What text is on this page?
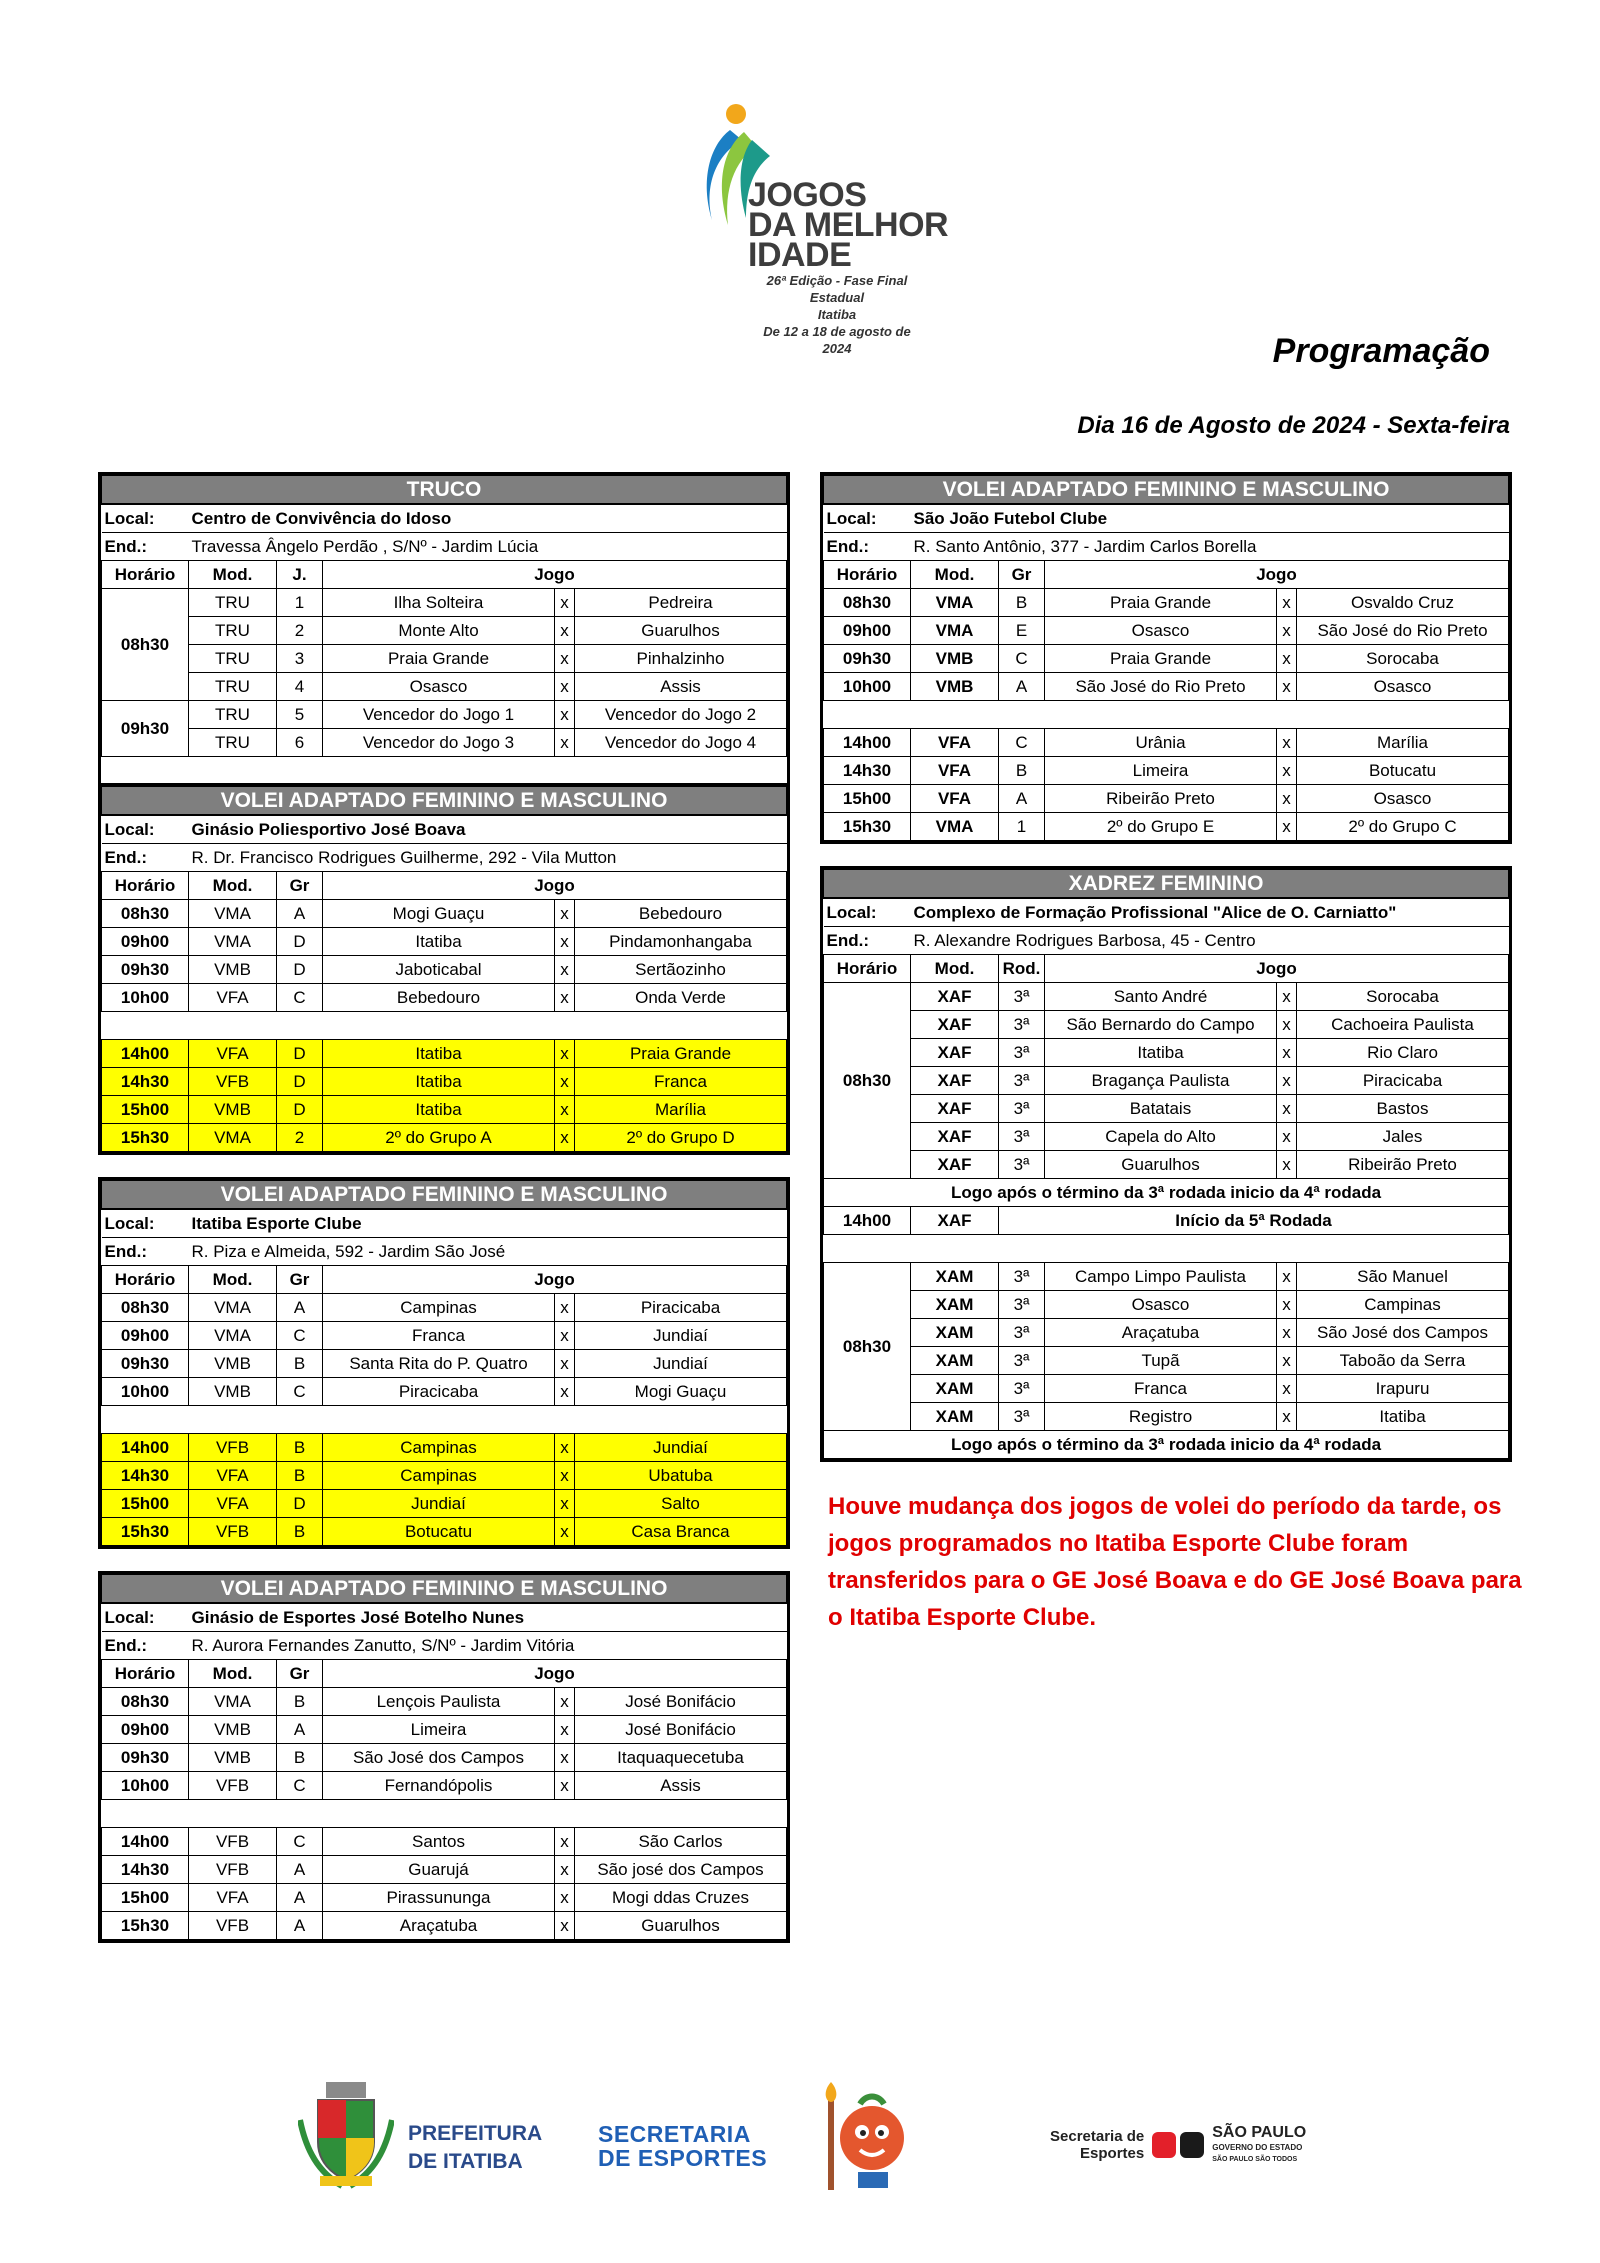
JOGOS
DA MELHOR
IDADE
26ª Edição - Fase Final Estadual
Itatiba
De 12 a 18 de agosto de 2024	Programação
Dia 16 de Agosto de 2024 - Sexta-feira
TRUCO					
Local:	Centro de Convivência do Idoso				
End.:	Travessa Ângelo Perdão , S/Nº - Jardim Lúcia				
Horário	Mod.	J.	Jogo		
08h30	TRU	1	Ilha Solteira	x	Pedreira
	TRU	2	Monte Alto	x	Guarulhos
	TRU	3	Praia Grande	x	Pinhalzinho
	TRU	4	Osasco	x	Assis
09h30	TRU	5	Vencedor do Jogo 1	x	Vencedor do Jogo 2
	TRU	6	Vencedor do Jogo 3	x	Vencedor do Jogo 4

VOLEI ADAPTADO FEMININO E MASCULINO					
Local:	Ginásio Poliesportivo José Boava				
End.:	R. Dr. Francisco Rodrigues Guilherme, 292 - Vila Mutton				
Horário	Mod.	Gr	Jogo		
08h30	VMA	A	Mogi Guaçu	x	Bebedouro
09h00	VMA	D	Itatiba	x	Pindamonhangaba
09h30	VMB	D	Jaboticabal	x	Sertãozinho
10h00	VFA	C	Bebedouro	x	Onda Verde

14h00	VFA	D	Itatiba	x	Praia Grande
14h30	VFB	D	Itatiba	x	Franca
15h00	VMB	D	Itatiba	x	Marília
15h30	VMA	2	2º do Grupo A	x	2º do Grupo D
VOLEI ADAPTADO FEMININO E MASCULINO					
Local:	Itatiba Esporte Clube				
End.:	R. Piza e Almeida, 592 - Jardim São José				
Horário	Mod.	Gr	Jogo		
08h30	VMA	A	Campinas	x	Piracicaba
09h00	VMA	C	Franca	x	Jundiaí
09h30	VMB	B	Santa Rita do P. Quatro	x	Jundiaí
10h00	VMB	C	Piracicaba	x	Mogi Guaçu

14h00	VFB	B	Campinas	x	Jundiaí
14h30	VFA	B	Campinas	x	Ubatuba
15h00	VFA	D	Jundiaí	x	Salto
15h30	VFB	B	Botucatu	x	Casa Branca
VOLEI ADAPTADO FEMININO E MASCULINO					
Local:	Ginásio de Esportes José Botelho Nunes				
End.:	R. Aurora Fernandes Zanutto, S/Nº - Jardim Vitória				
Horário	Mod.	Gr	Jogo		
08h30	VMA	B	Lençois Paulista	x	José Bonifácio
09h00	VMB	A	Limeira	x	José Bonifácio
09h30	VMB	B	São José dos Campos	x	Itaquaquecetuba
10h00	VFB	C	Fernandópolis	x	Assis

14h00	VFB	C	Santos	x	São Carlos
14h30	VFB	A	Guarujá	x	São josé dos Campos
15h00	VFA	A	Pirassununga	x	Mogi ddas Cruzes
15h30	VFB	A	Araçatuba	x	Guarulhos
VOLEI ADAPTADO FEMININO E MASCULINO					
Local:	São João Futebol Clube				
End.:	R. Santo Antônio, 377 - Jardim Carlos Borella				
Horário	Mod.	Gr	Jogo		
08h30	VMA	B	Praia Grande	x	Osvaldo Cruz
09h00	VMA	E	Osasco	x	São José do Rio Preto
09h30	VMB	C	Praia Grande	x	Sorocaba
10h00	VMB	A	São José do Rio Preto	x	Osasco

14h00	VFA	C	Urânia	x	Marília
14h30	VFA	B	Limeira	x	Botucatu
15h00	VFA	A	Ribeirão Preto	x	Osasco
15h30	VMA	1	2º do Grupo E	x	2º do Grupo C
XADREZ FEMININO					
Local:	Complexo de Formação Profissional "Alice de O. Carniatto"				
End.:	R. Alexandre Rodrigues Barbosa, 45 - Centro				
Horário	Mod.	Rod.	Jogo		
08h30	XAF	3ª	Santo André	x	Sorocaba
	XAF	3ª	São Bernardo do Campo	x	Cachoeira Paulista
	XAF	3ª	Itatiba	x	Rio Claro
	XAF	3ª	Bragança Paulista	x	Piracicaba
	XAF	3ª	Batatais	x	Bastos
	XAF	3ª	Capela do Alto	x	Jales
	XAF	3ª	Guarulhos	x	Ribeirão Preto
Logo após o término da 3ª rodada inicio da 4ª rodada					
14h00	XAF	Início da 5ª Rodada			

08h30	XAM	3ª	Campo Limpo Paulista	x	São Manuel
	XAM	3ª	Osasco	x	Campinas
	XAM	3ª	Araçatuba	x	São José dos Campos
	XAM	3ª	Tupã	x	Taboão da Serra
	XAM	3ª	Franca	x	Irapuru
	XAM	3ª	Registro	x	Itatiba
Logo após o término da 3ª rodada inicio da 4ª rodada					
Houve mudança dos jogos de volei do período da tarde, os jogos programados no Itatiba Esporte Clube foram transferidos para o GE José Boava e do GE José Boava para o Itatiba Esporte Clube.
PREFEITURA
DE ITATIBA
SECRETARIA
DE ESPORTES
Secretaria de
Esportes
SÃO PAULO
GOVERNO DO ESTADO
SÃO PAULO SÃO TODOS
